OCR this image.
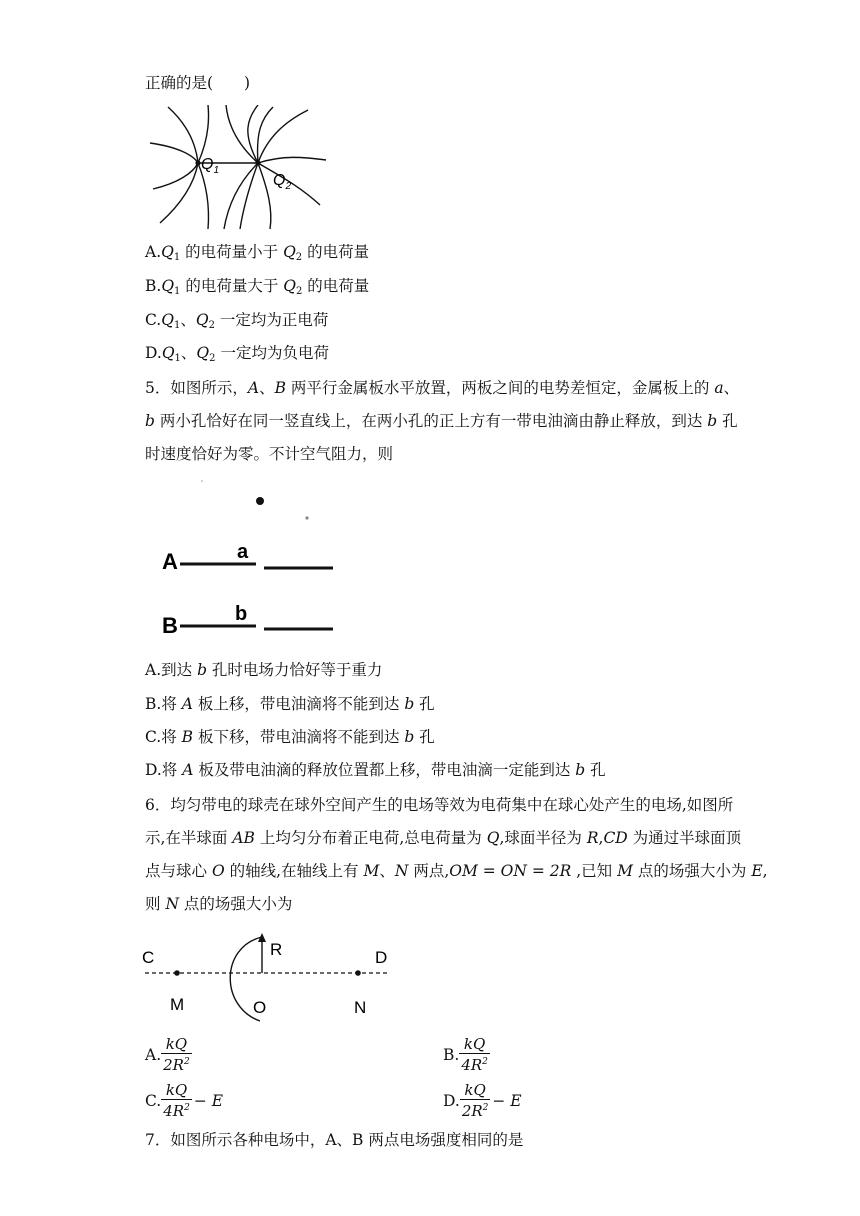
正确的是(　　)
$Q_1$
$Q_2$
$A.Q_1$ 的电荷量小于 $Q_2$ 的电荷量
$B.Q_1$ 的电荷量大于 $Q_2$ 的电荷量
$C.Q_1$、$Q_2$ 一定均为正电荷
$D.Q_1$、$Q_2$ 一定均为负电荷
5．如图所示，A、B 两平行金属板水平放置，两板之间的电势差恒定，金属板上的 a、
b 两小孔恰好在同一竖直线上，在两小孔的正上方有一带电油滴由静止释放，到达 b 孔
时速度恰好为零。不计空气阻力，则
A	a
B	b
A.到达 b 孔时电场力恰好等于重力
B.将 A 板上移，带电油滴将不能到达 b 孔
C.将 B 板下移，带电油滴将不能到达 b 孔
D.将 A 板及带电油滴的释放位置都上移，带电油滴一定能到达 b 孔
6．均匀带电的球壳在球外空间产生的电场等效为电荷集中在球心处产生的电场,如图所
示,在半球面 AB 上均匀分布着正电荷,总电荷量为 Q,球面半径为 R,CD 为通过半球面顶
点与球心 O 的轴线,在轴线上有 M、N 两点,OM = ON = 2R ,已知 M 点的场强大小为 E,
则 N 点的场强大小为
C	D
M	O	N
R
A. $\frac{kQ}{2R^2}$	B. $\frac{kQ}{4R^2}$
C. $\frac{kQ}{4R^2} - E$	D. $\frac{kQ}{2R^2} - E$
7．如图所示各种电场中，A、B 两点电场强度相同的是
